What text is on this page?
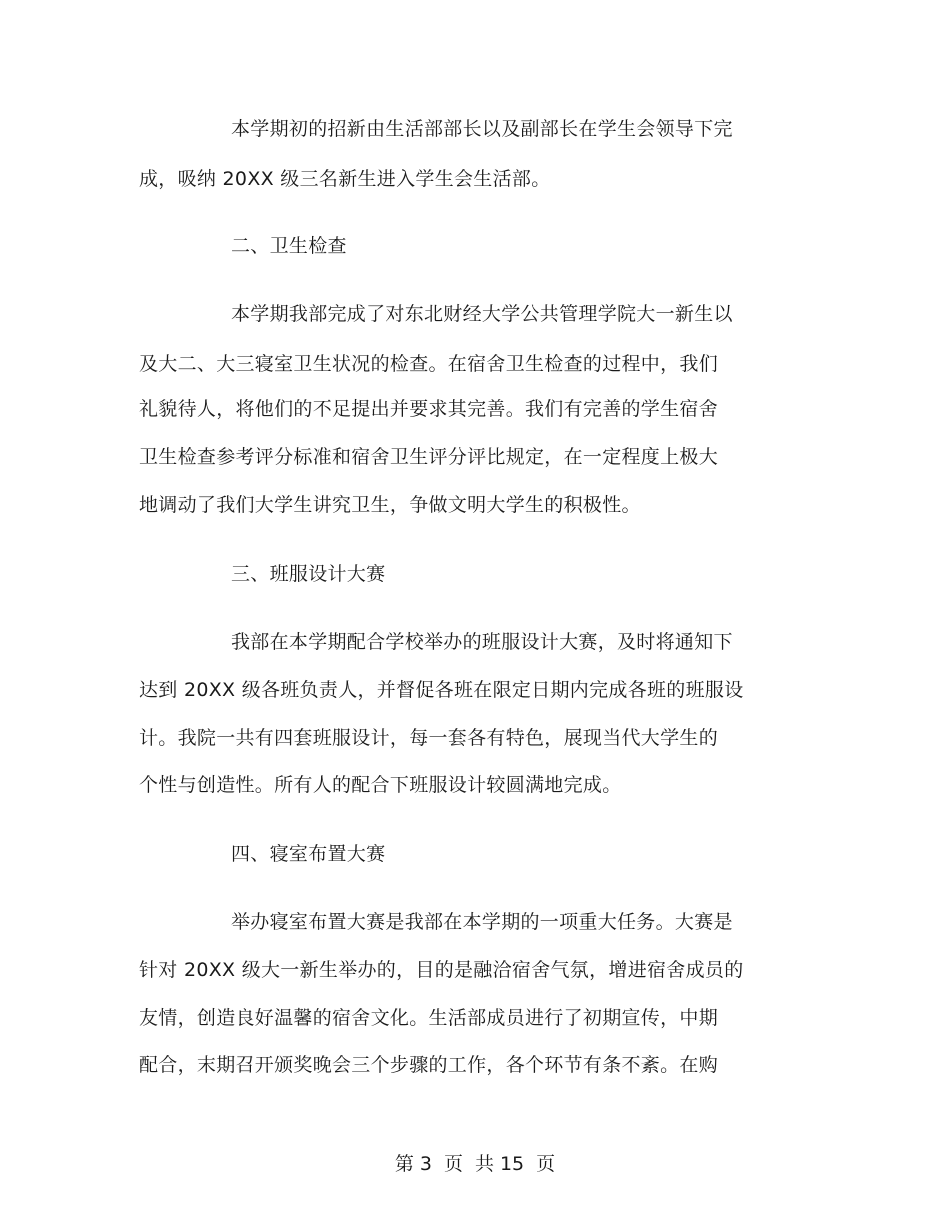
本学期初的招新由生活部部长以及副部长在学生会领导下完
成，吸纳 20XX 级三名新生进入学生会生活部。
二、卫生检查
本学期我部完成了对东北财经大学公共管理学院大一新生以
及大二、大三寝室卫生状况的检查。在宿舍卫生检查的过程中，我们
礼貌待人，将他们的不足提出并要求其完善。我们有完善的学生宿舍
卫生检查参考评分标准和宿舍卫生评分评比规定，在一定程度上极大
地调动了我们大学生讲究卫生，争做文明大学生的积极性。
三、班服设计大赛
我部在本学期配合学校举办的班服设计大赛，及时将通知下
达到 20XX 级各班负责人，并督促各班在限定日期内完成各班的班服设
计。我院一共有四套班服设计，每一套各有特色，展现当代大学生的
个性与创造性。所有人的配合下班服设计较圆满地完成。
四、寝室布置大赛
举办寝室布置大赛是我部在本学期的一项重大任务。大赛是
针对 20XX 级大一新生举办的，目的是融洽宿舍气氛，增进宿舍成员的
友情，创造良好温馨的宿舍文化。生活部成员进行了初期宣传，中期
配合，末期召开颁奖晚会三个步骤的工作，各个环节有条不紊。在购
第 3 页 共 15 页
